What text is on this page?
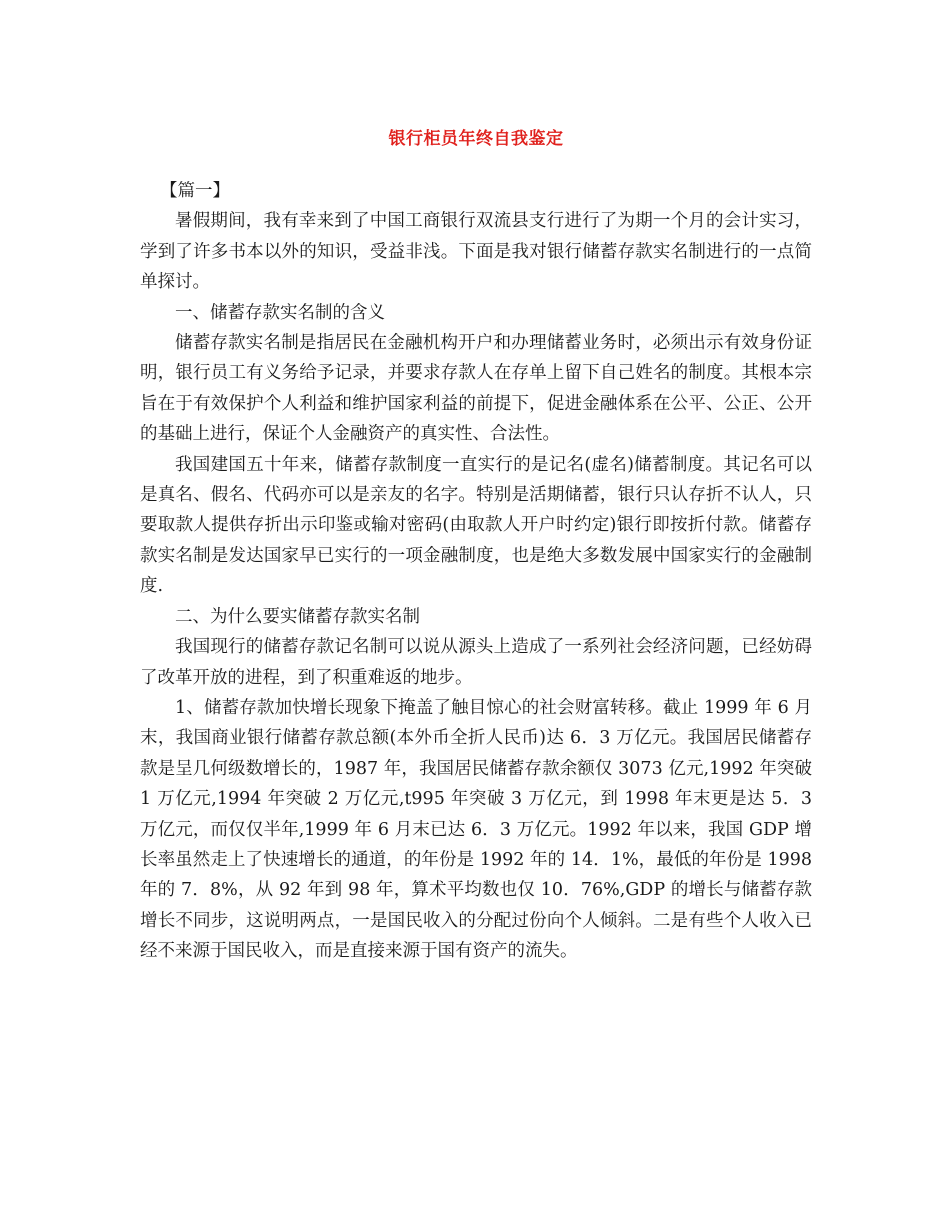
银行柜员年终自我鉴定

【篇一】

暑假期间，我有幸来到了中国工商银行双流县支行进行了为期一个月的会计实习，学到了许多书本以外的知识，受益非浅。下面是我对银行储蓄存款实名制进行的一点简单探讨。

一、储蓄存款实名制的含义

储蓄存款实名制是指居民在金融机构开户和办理储蓄业务时，必须出示有效身份证明，银行员工有义务给予记录，并要求存款人在存单上留下自己姓名的制度。其根本宗旨在于有效保护个人利益和维护国家利益的前提下，促进金融体系在公平、公正、公开的基础上进行，保证个人金融资产的真实性、合法性。

我国建国五十年来，储蓄存款制度一直实行的是记名(虚名)储蓄制度。其记名可以是真名、假名、代码亦可以是亲友的名字。特别是活期储蓄，银行只认存折不认人，只要取款人提供存折出示印鉴或输对密码(由取款人开户时约定)银行即按折付款。储蓄存款实名制是发达国家早已实行的一项金融制度，也是绝大多数发展中国家实行的金融制度.

二、为什么要实储蓄存款实名制

我国现行的储蓄存款记名制可以说从源头上造成了一系列社会经济问题，已经妨碍了改革开放的进程，到了积重难返的地步。

1、储蓄存款加快增长现象下掩盖了触目惊心的社会财富转移。截止 1999 年 6 月末，我国商业银行储蓄存款总额(本外币全折人民币)达 6．3 万亿元。我国居民储蓄存款是呈几何级数增长的，1987 年，我国居民储蓄存款余额仅 3073 亿元,1992 年突破 1 万亿元,1994 年突破 2 万亿元,t995 年突破 3 万亿元，到 1998 年末更是达 5．3 万亿元，而仅仅半年,1999 年 6 月末已达 6．3 万亿元。1992 年以来，我国 GDP 增长率虽然走上了快速增长的通道，的年份是 1992 年的 14．1%，最低的年份是 1998 年的 7．8%，从 92 年到 98 年，算术平均数也仅 10．76%,GDP 的增长与储蓄存款增长不同步，这说明两点，一是国民收入的分配过份向个人倾斜。二是有些个人收入已经不来源于国民收入，而是直接来源于国有资产的流失。
